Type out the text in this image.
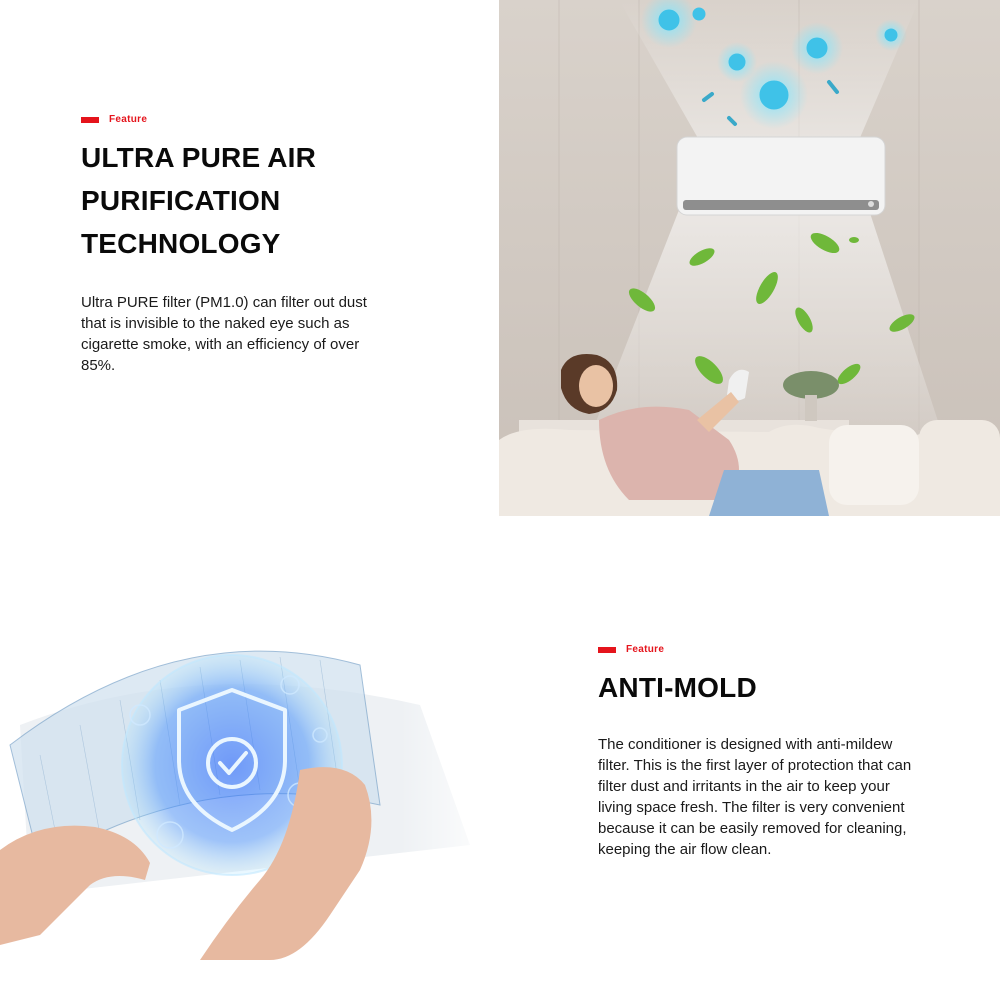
Feature
ULTRA PURE AIR
PURIFICATION
TECHNOLOGY

Ultra PURE filter (PM1.0) can filter out dust that is invisible to the naked eye such as cigarette smoke, with an efficiency of over 85%.

Feature
ANTI-MOLD

The conditioner is designed with anti-mildew filter. This is the first layer of protection that can filter dust and irritants in the air to keep your living space fresh. The filter is very convenient because it can be easily removed for cleaning, keeping the air flow clean.
